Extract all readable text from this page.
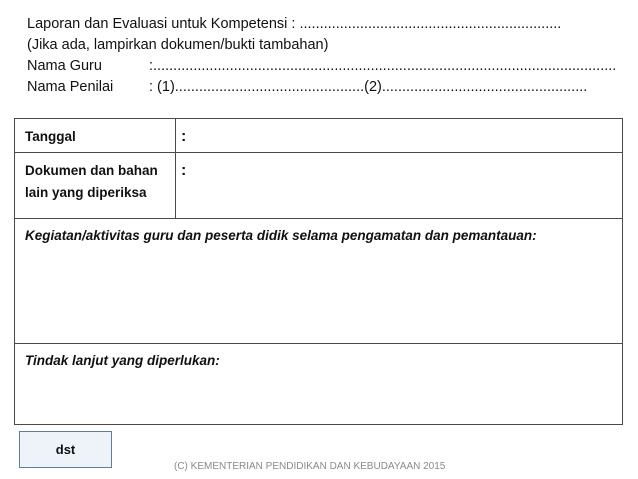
Laporan dan Evaluasi untuk Kompetensi : .................................................................
(Jika ada, lampirkan dokumen/bukti tambahan)
Nama Guru	:...................................................................................................................
Nama Penilai : (1)...............................................(2)...................................................
Tanggal	:
Dokumen dan bahan lain yang diperiksa
:
Kegiatan/aktivitas guru dan peserta didik selama pengamatan dan pemantauan:
Tindak lanjut yang diperlukan:
dst
(C) KEMENTERIAN PENDIDIKAN DAN KEBUDAYAAN 2015
